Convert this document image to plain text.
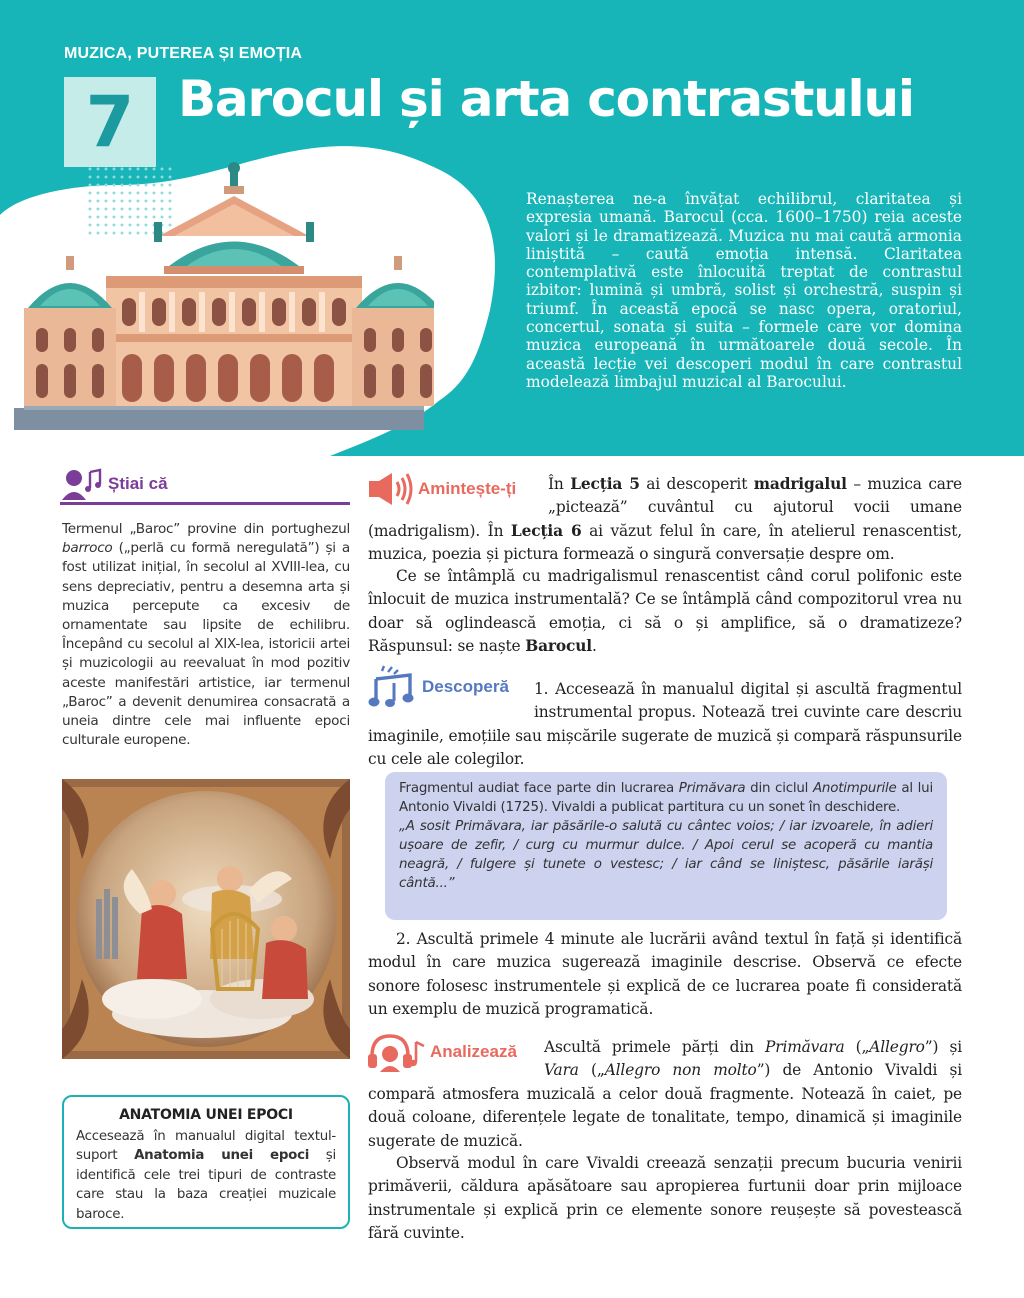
MUZICA, PUTEREA ȘI EMOȚIA
7 Barocul și arta contrastului
Renașterea ne-a învățat echilibrul, claritatea și expresia umană. Barocul (cca. 1600–1750) reia aceste valori și le dramatizează. Muzica nu mai caută armonia liniștită – caută emoția intensă. Claritatea contemplativă este înlocuită treptat de contrastul izbitor: lumină și umbră, solist și orchestră, suspin și triumf. În această epocă se nasc opera, oratoriul, concertul, sonata și suita – formele care vor domina muzica europeană în următoarele două secole. În această lecție vei descoperi modul în care contrastul modelează limbajul muzical al Barocului.
Știai că
Termenul „Baroc” provine din portughezul barroco („perlă cu formă neregulată”) și a fost utilizat inițial, în secolul al XVIII-lea, cu sens depreciativ, pentru a desemna arta și muzica percepute ca excesiv de ornamentate sau lipsite de echilibru. Începând cu secolul al XIX-lea, istoricii artei și muzicologii au reevaluat în mod pozitiv aceste manifestări artistice, iar termenul „Baroc” a devenit denumirea consacrată a uneia dintre cele mai influente epoci culturale europene.
ANATOMIA UNEI EPOCI
Accesează în manualul digital textul-suport Anatomia unei epoci și identifică cele trei tipuri de contraste care stau la baza creației muzicale baroce.
Amintește-ți	În Lecția 5 ai descoperit madrigalul – muzica care „pictează” cuvântul cu ajutorul vocii umane (madrigalism). În Lecția 6 ai văzut felul în care, în atelierul renascentist, muzica, poezia și pictura formează o singură conversație despre om.
Ce se întâmplă cu madrigalismul renascentist când corul polifonic este înlocuit de muzica instrumentală? Ce se întâmplă când compozitorul vrea nu doar să oglindească emoția, ci să o și amplifice, să o dramatizeze? Răspunsul: se naște Barocul.
Descoperă	1. Accesează în manualul digital și ascultă fragmentul instrumental propus. Notează trei cuvinte care descriu imaginile, emoțiile sau mișcările sugerate de muzică și compară răspunsurile cu cele ale colegilor.
Fragmentul audiat face parte din lucrarea Primăvara din ciclul Anotimpurile al lui Antonio Vivaldi (1725). Vivaldi a publicat partitura cu un sonet în deschidere.
„A sosit Primăvara, iar păsările-o salută cu cântec voios; / iar izvoarele, în adieri ușoare de zefir, / curg cu murmur dulce. / Apoi cerul se acoperă cu mantia neagră, / fulgere și tunete o vestesc; / iar când se liniștesc, păsările iarăși cântă...”
2. Ascultă primele 4 minute ale lucrării având textul în față și identifică modul în care muzica sugerează imaginile descrise. Observă ce efecte sonore folosesc instrumentele și explică de ce lucrarea poate fi considerată un exemplu de muzică programatică.
Analizează	Ascultă primele părți din Primăvara („Allegro”) și Vara („Allegro non molto”) de Antonio Vivaldi și compară atmosfera muzicală a celor două fragmente. Notează în caiet, pe două coloane, diferențele legate de tonalitate, tempo, dinamică și imaginile sugerate de muzică.
Observă modul în care Vivaldi creează senzații precum bucuria venirii primăverii, căldura apăsătoare sau apropierea furtunii doar prin mijloace instrumentale și explică prin ce elemente sonore reușește să povestească fără cuvinte.
